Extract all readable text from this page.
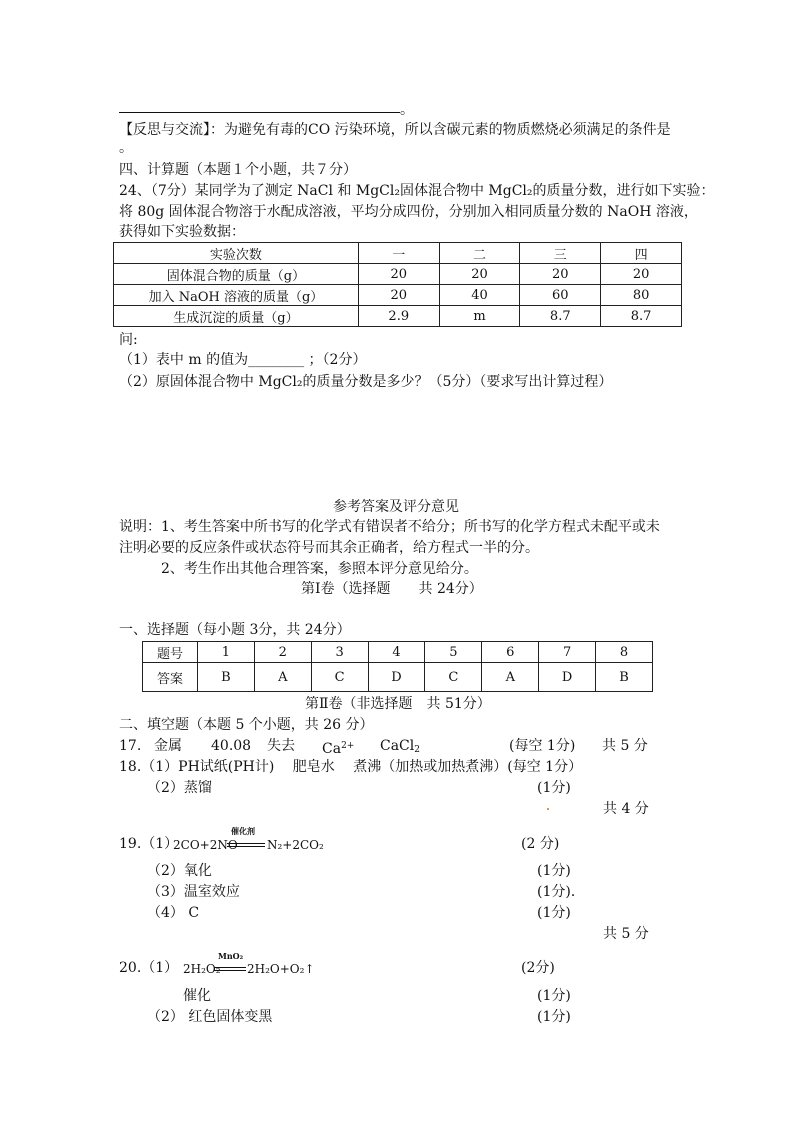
。
【反思与交流】：为避免有毒的CO 污染环境，所以含碳元素的物质燃烧必须满足的条件是
。
四、计算题（本题１个小题，共７分）
24、（7分）某同学为了测定 NaCl 和 MgCl₂固体混合物中 MgCl₂的质量分数，进行如下实验：
将 80g 固体混合物溶于水配成溶液，平均分成四份，分别加入相同质量分数的 NaOH 溶液，
获得如下实验数据：
实验次数	一	二	三	四
固体混合物的质量（g）	20	20	20	20
加入 NaOH 溶液的质量（g）	20	40	60	80
生成沉淀的质量（g）	2.9	m	8.7	8.7
问:
（1）表中 m 的值为________ ；（2分）
（2）原固体混合物中 MgCl₂的质量分数是多少？（5分）（要求写出计算过程）
参考答案及评分意见
说明：1、考生答案中所书写的化学式有错误者不给分；所书写的化学方程式未配平或未
注明必要的反应条件或状态符号而其余正确者，给方程式一半的分。
2、考生作出其他合理答案，参照本评分意见给分。
第Ⅰ卷（选择题　　共 24分）
一、选择题（每小题 3分，共 24分）
题号	1	2	3	4	5	6	7	8
答案	B	A	C	D	C	A	D	B
第Ⅱ卷（非选择题　共 51分）
二、填空题（本题 5 个小题，共 26 分）
17. 金属 40.08 失去 $Ca^{2+}$ CaCl$_2$	(每空 1分) 共 5 分
18.（1）PH试纸(PH计)　 肥皂水　 煮沸（加热或加热煮沸）(每空 1分）
（2）蒸馏	(1分)
共 4 分
19.（1）
2CO+2NO
催化剂
N₂+2CO₂	(2 分)
（2）氧化	(1分)
（3）温室效应	(1分)．
（4） C	(1分)
共 5 分
20.（1） 2H₂O₂
MnO₂
2H₂O+O₂↑	(2分)
催化	(1分)
（2） 红色固体变黑	(1分)
